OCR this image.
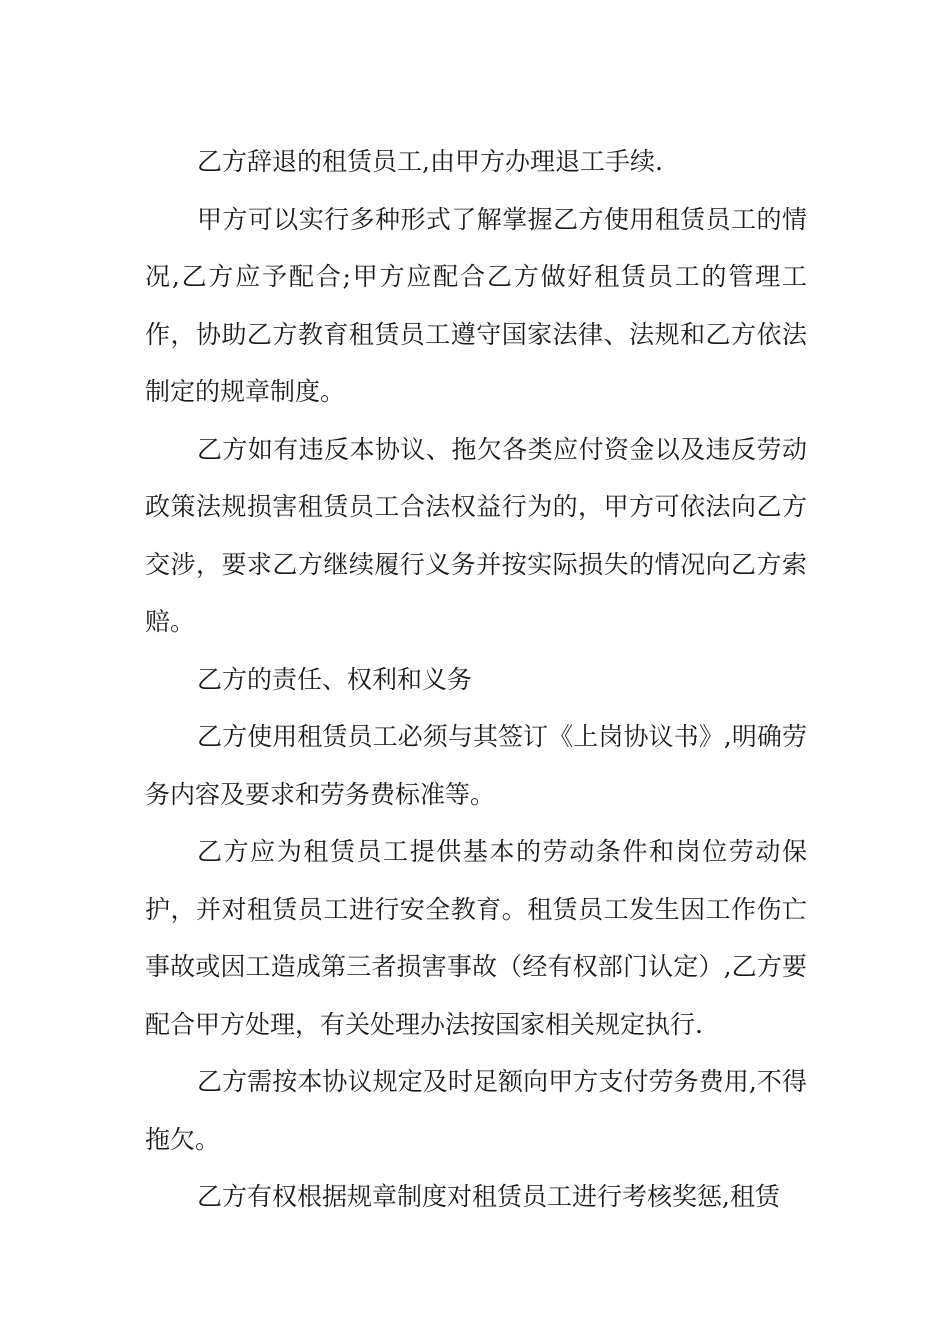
乙方辞退的租赁员工,由甲方办理退工手续.

甲方可以实行多种形式了解掌握乙方使用租赁员工的情况,乙方应予配合;甲方应配合乙方做好租赁员工的管理工作，协助乙方教育租赁员工遵守国家法律、法规和乙方依法制定的规章制度。

乙方如有违反本协议、拖欠各类应付资金以及违反劳动政策法规损害租赁员工合法权益行为的，甲方可依法向乙方交涉，要求乙方继续履行义务并按实际损失的情况向乙方索赔。

乙方的责任、权利和义务

乙方使用租赁员工必须与其签订《上岗协议书》,明确劳务内容及要求和劳务费标准等。

乙方应为租赁员工提供基本的劳动条件和岗位劳动保护，并对租赁员工进行安全教育。租赁员工发生因工作伤亡事故或因工造成第三者损害事故（经有权部门认定）,乙方要配合甲方处理，有关处理办法按国家相关规定执行.

乙方需按本协议规定及时足额向甲方支付劳务费用,不得拖欠。

乙方有权根据规章制度对租赁员工进行考核奖惩,租赁
